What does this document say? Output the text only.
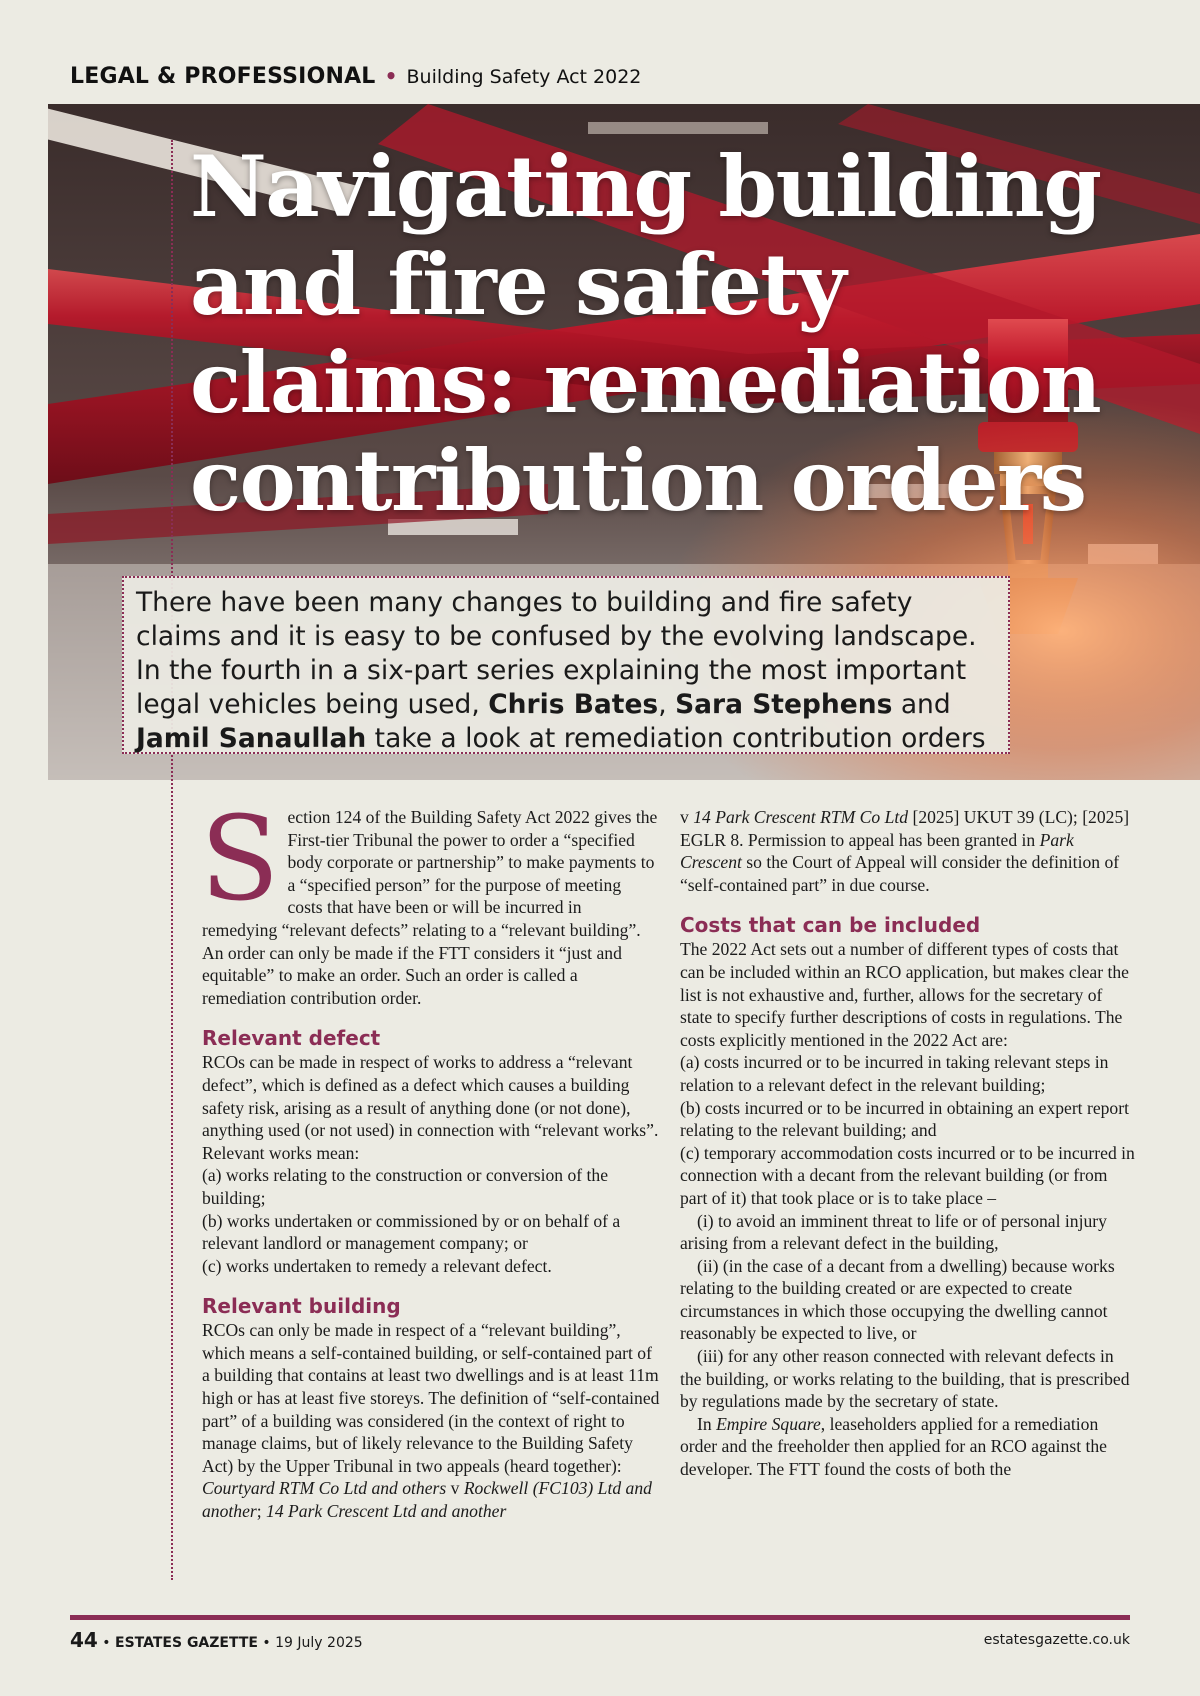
LEGAL & PROFESSIONAL • Building Safety Act 2022
Navigating building and fire safety claims: remediation contribution orders

There have been many changes to building and fire safety claims and it is easy to be confused by the evolving landscape. In the fourth in a six-part series explaining the most important legal vehicles being used, Chris Bates, Sara Stephens and Jamil Sanaullah take a look at remediation contribution orders

Section 124 of the Building Safety Act 2022 gives the First-tier Tribunal the power to order a “specified body corporate or partnership” to make payments to a “specified person” for the purpose of meeting costs that have been or will be incurred in remedying “relevant defects” relating to a “relevant building”. An order can only be made if the FTT considers it “just and equitable” to make an order. Such an order is called a remediation contribution order.

Relevant defect

RCOs can be made in respect of works to address a “relevant defect”, which is defined as a defect which causes a building safety risk, arising as a result of anything done (or not done), anything used (or not used) in connection with “relevant works”. Relevant works mean:

(a) works relating to the construction or conversion of the building;

(b) works undertaken or commissioned by or on behalf of a relevant landlord or management company; or

(c) works undertaken to remedy a relevant defect.

Relevant building

RCOs can only be made in respect of a “relevant building”, which means a self-contained building, or self-contained part of a building that contains at least two dwellings and is at least 11m high or has at least five storeys. The definition of “self-contained part” of a building was considered (in the context of right to manage claims, but of likely relevance to the Building Safety Act) by the Upper Tribunal in two appeals (heard together): Courtyard RTM Co Ltd and others v Rockwell (FC103) Ltd and another; 14 Park Crescent Ltd and another

v 14 Park Crescent RTM Co Ltd [2025] UKUT 39 (LC); [2025] EGLR 8. Permission to appeal has been granted in Park Crescent so the Court of Appeal will consider the definition of “self-contained part” in due course.

Costs that can be included

The 2022 Act sets out a number of different types of costs that can be included within an RCO application, but makes clear the list is not exhaustive and, further, allows for the secretary of state to specify further descriptions of costs in regulations. The costs explicitly mentioned in the 2022 Act are:

(a) costs incurred or to be incurred in taking relevant steps in relation to a relevant defect in the relevant building;

(b) costs incurred or to be incurred in obtaining an expert report relating to the relevant building; and

(c) temporary accommodation costs incurred or to be incurred in connection with a decant from the relevant building (or from part of it) that took place or is to take place –

(i) to avoid an imminent threat to life or of personal injury arising from a relevant defect in the building,

(ii) (in the case of a decant from a dwelling) because works relating to the building created or are expected to create circumstances in which those occupying the dwelling cannot reasonably be expected to live, or

(iii) for any other reason connected with relevant defects in the building, or works relating to the building, that is prescribed by regulations made by the secretary of state.

In Empire Square, leaseholders applied for a remediation order and the freeholder then applied for an RCO against the developer. The FTT found the costs of both the

44 • ESTATES GAZETTE • 19 July 2025	estatesgazette.co.uk
